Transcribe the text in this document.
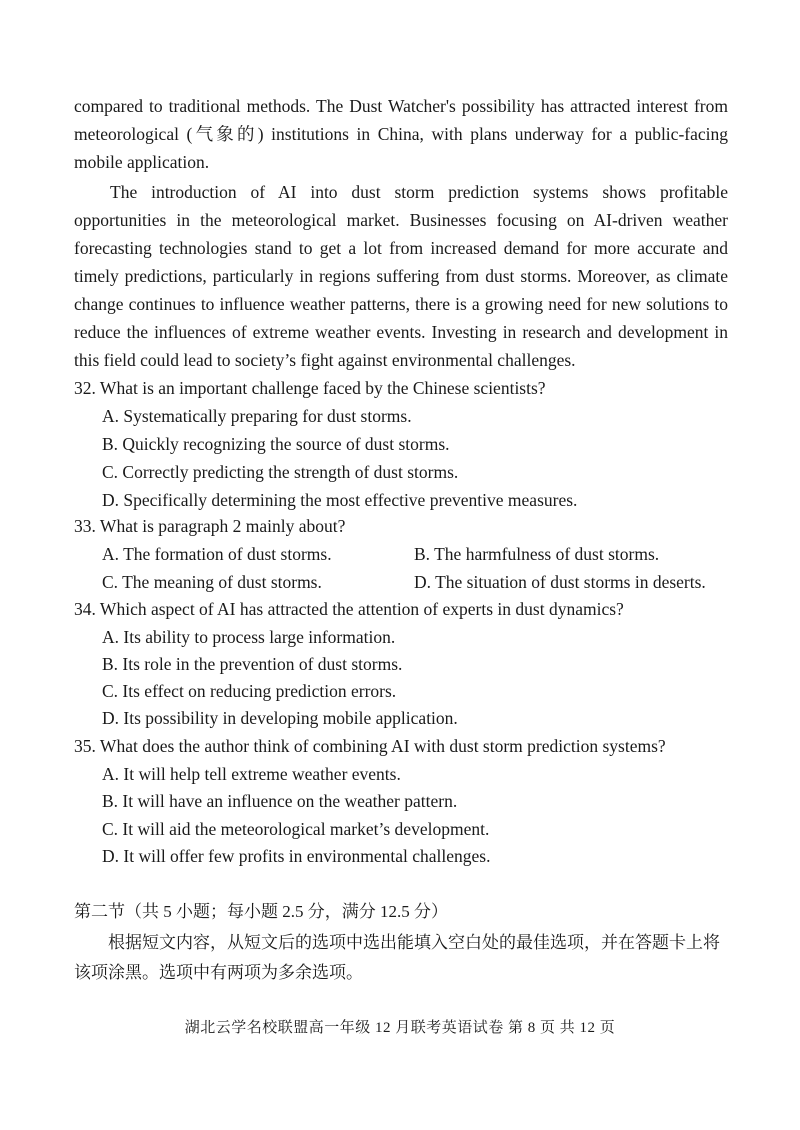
compared to traditional methods. The Dust Watcher's possibility has attracted interest from meteorological (气象的) institutions in China, with plans underway for a public-facing mobile application.

The introduction of AI into dust storm prediction systems shows profitable opportunities in the meteorological market. Businesses focusing on AI-driven weather forecasting technologies stand to get a lot from increased demand for more accurate and timely predictions, particularly in regions suffering from dust storms. Moreover, as climate change continues to influence weather patterns, there is a growing need for new solutions to reduce the influences of extreme weather events. Investing in research and development in this field could lead to society’s fight against environmental challenges.

32. What is an important challenge faced by the Chinese scientists?

A. Systematically preparing for dust storms.

B. Quickly recognizing the source of dust storms.

C. Correctly predicting the strength of dust storms.

D. Specifically determining the most effective preventive measures.

33. What is paragraph 2 mainly about?

A. The formation of dust storms.	B. The harmfulness of dust storms.

C. The meaning of dust storms.	D. The situation of dust storms in deserts.

34. Which aspect of AI has attracted the attention of experts in dust dynamics?

A. Its ability to process large information.

B. Its role in the prevention of dust storms.

C. Its effect on reducing prediction errors.

D. Its possibility in developing mobile application.

35. What does the author think of combining AI with dust storm prediction systems?

A. It will help tell extreme weather events.

B. It will have an influence on the weather pattern.

C. It will aid the meteorological market’s development.

D. It will offer few profits in environmental challenges.

第二节（共 5 小题；每小题 2.5 分，满分 12.5 分）

根据短文内容，从短文后的选项中选出能填入空白处的最佳选项，并在答题卡上将该项涂黑。选项中有两项为多余选项。

湖北云学名校联盟高一年级 12 月联考英语试卷 第 8 页 共 12 页
